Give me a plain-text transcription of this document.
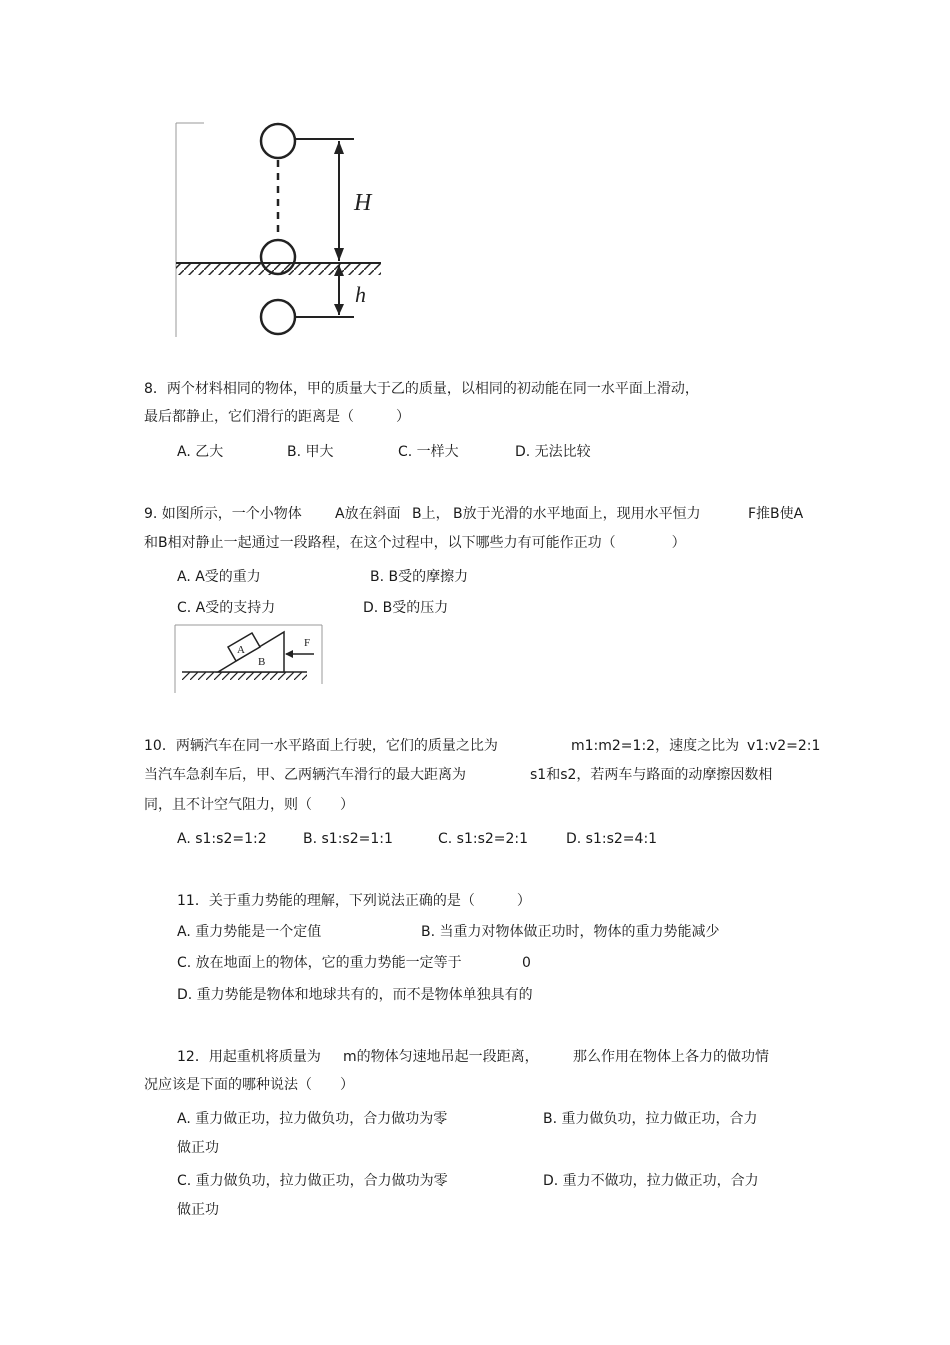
H
h
8．两个材料相同的物体，甲的质量大于乙的质量，以相同的初动能在同一水平面上滑动，
最后都静止，它们滑行的距离是（　　　）
A. 乙大	B. 甲大	C. 一样大	D. 无法比较
9. 如图所示，一个小物体 A放在斜面 B上， B放于光滑的水平地面上，现用水平恒力	F推B使A
和B相对静止一起通过一段路程，在这个过程中，以下哪些力有可能作正功（　　　　）
A. A受的重力	B. B受的摩擦力
C. A受的支持力	D. B受的压力
A
B
F
10．两辆汽车在同一水平路面上行驶，它们的质量之比为	m1:m2=1:2，速度之比为 v1:v2=2:1
当汽车急刹车后，甲、乙两辆汽车滑行的最大距离为	s1和s2，若两车与路面的动摩擦因数相
同，且不计空气阻力，则（　　）
A. s1:s2=1:2	B. s1:s2=1:1	C. s1:s2=2:1	D. s1:s2=4:1
11．关于重力势能的理解，下列说法正确的是（　　　）
A. 重力势能是一个定值	B. 当重力对物体做正功时，物体的重力势能减少
C. 放在地面上的物体，它的重力势能一定等于	0
D. 重力势能是物体和地球共有的，而不是物体单独具有的
12．用起重机将质量为 m的物体匀速地吊起一段距离， 那么作用在物体上各力的做功情
况应该是下面的哪种说法（　　）
A. 重力做正功，拉力做负功，合力做功为零	B. 重力做负功，拉力做正功，合力
做正功
C. 重力做负功，拉力做正功，合力做功为零	D. 重力不做功，拉力做正功，合力
做正功
